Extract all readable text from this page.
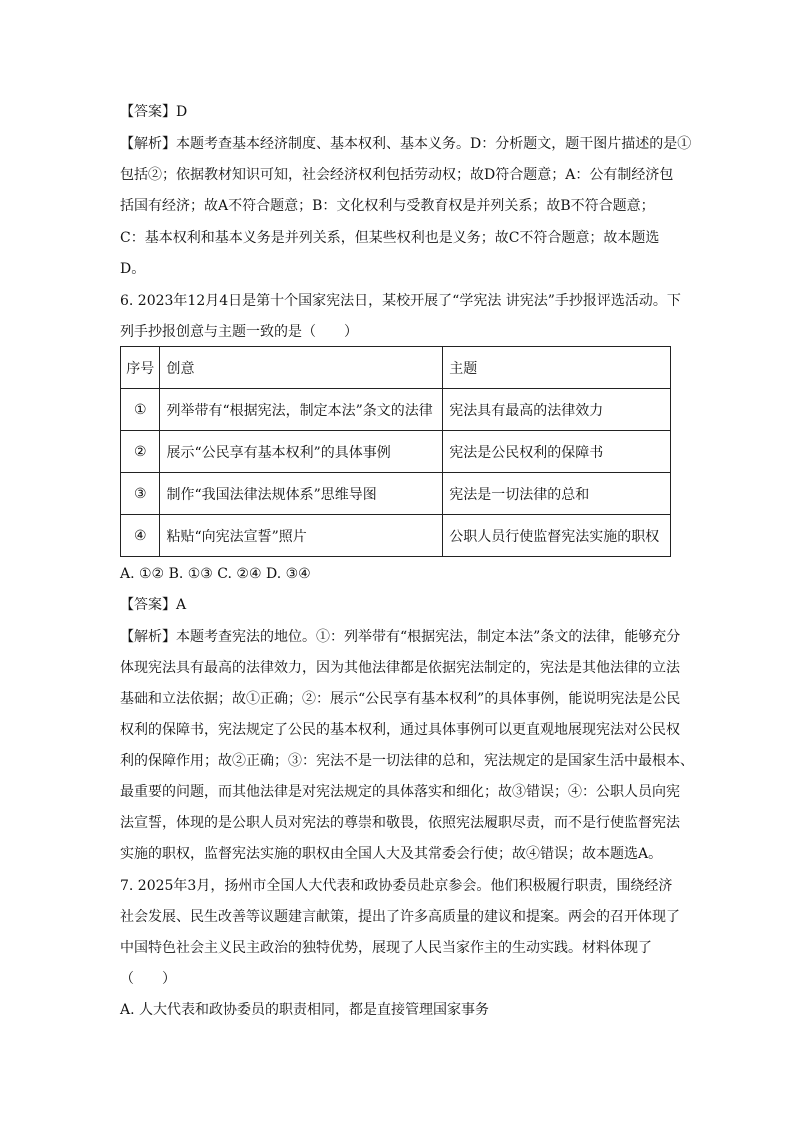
【答案】D
【解析】本题考查基本经济制度、基本权利、基本义务。D：分析题文，题干图片描述的是①
包括②；依据教材知识可知，社会经济权利包括劳动权；故D符合题意；A：公有制经济包
括国有经济；故A不符合题意；B：文化权利与受教育权是并列关系；故B不符合题意；
C：基本权利和基本义务是并列关系，但某些权利也是义务；故C不符合题意；故本题选
D。
6. 2023年12月4日是第十个国家宪法日，某校开展了“学宪法 讲宪法”手抄报评选活动。下
列手抄报创意与主题一致的是（　　）
序号	创意	主题
①	列举带有“根据宪法，制定本法”条文的法律	宪法具有最高的法律效力
②	展示“公民享有基本权利”的具体事例	宪法是公民权利的保障书
③	制作“我国法律法规体系”思维导图	宪法是一切法律的总和
④	粘贴“向宪法宣誓”照片	公职人员行使监督宪法实施的职权
A. ①② B. ①③ C. ②④ D. ③④
【答案】A
【解析】本题考查宪法的地位。①：列举带有“根据宪法，制定本法”条文的法律，能够充分
体现宪法具有最高的法律效力，因为其他法律都是依据宪法制定的，宪法是其他法律的立法
基础和立法依据；故①正确；②：展示“公民享有基本权利”的具体事例，能说明宪法是公民
权利的保障书，宪法规定了公民的基本权利，通过具体事例可以更直观地展现宪法对公民权
利的保障作用；故②正确；③：宪法不是一切法律的总和，宪法规定的是国家生活中最根本、
最重要的问题，而其他法律是对宪法规定的具体落实和细化；故③错误；④：公职人员向宪
法宣誓，体现的是公职人员对宪法的尊崇和敬畏，依照宪法履职尽责，而不是行使监督宪法
实施的职权，监督宪法实施的职权由全国人大及其常委会行使；故④错误；故本题选A。
7. 2025年3月，扬州市全国人大代表和政协委员赴京参会。他们积极履行职责，围绕经济
社会发展、民生改善等议题建言献策，提出了许多高质量的建议和提案。两会的召开体现了
中国特色社会主义民主政治的独特优势，展现了人民当家作主的生动实践。材料体现了
（　　）
A. 人大代表和政协委员的职责相同，都是直接管理国家事务
